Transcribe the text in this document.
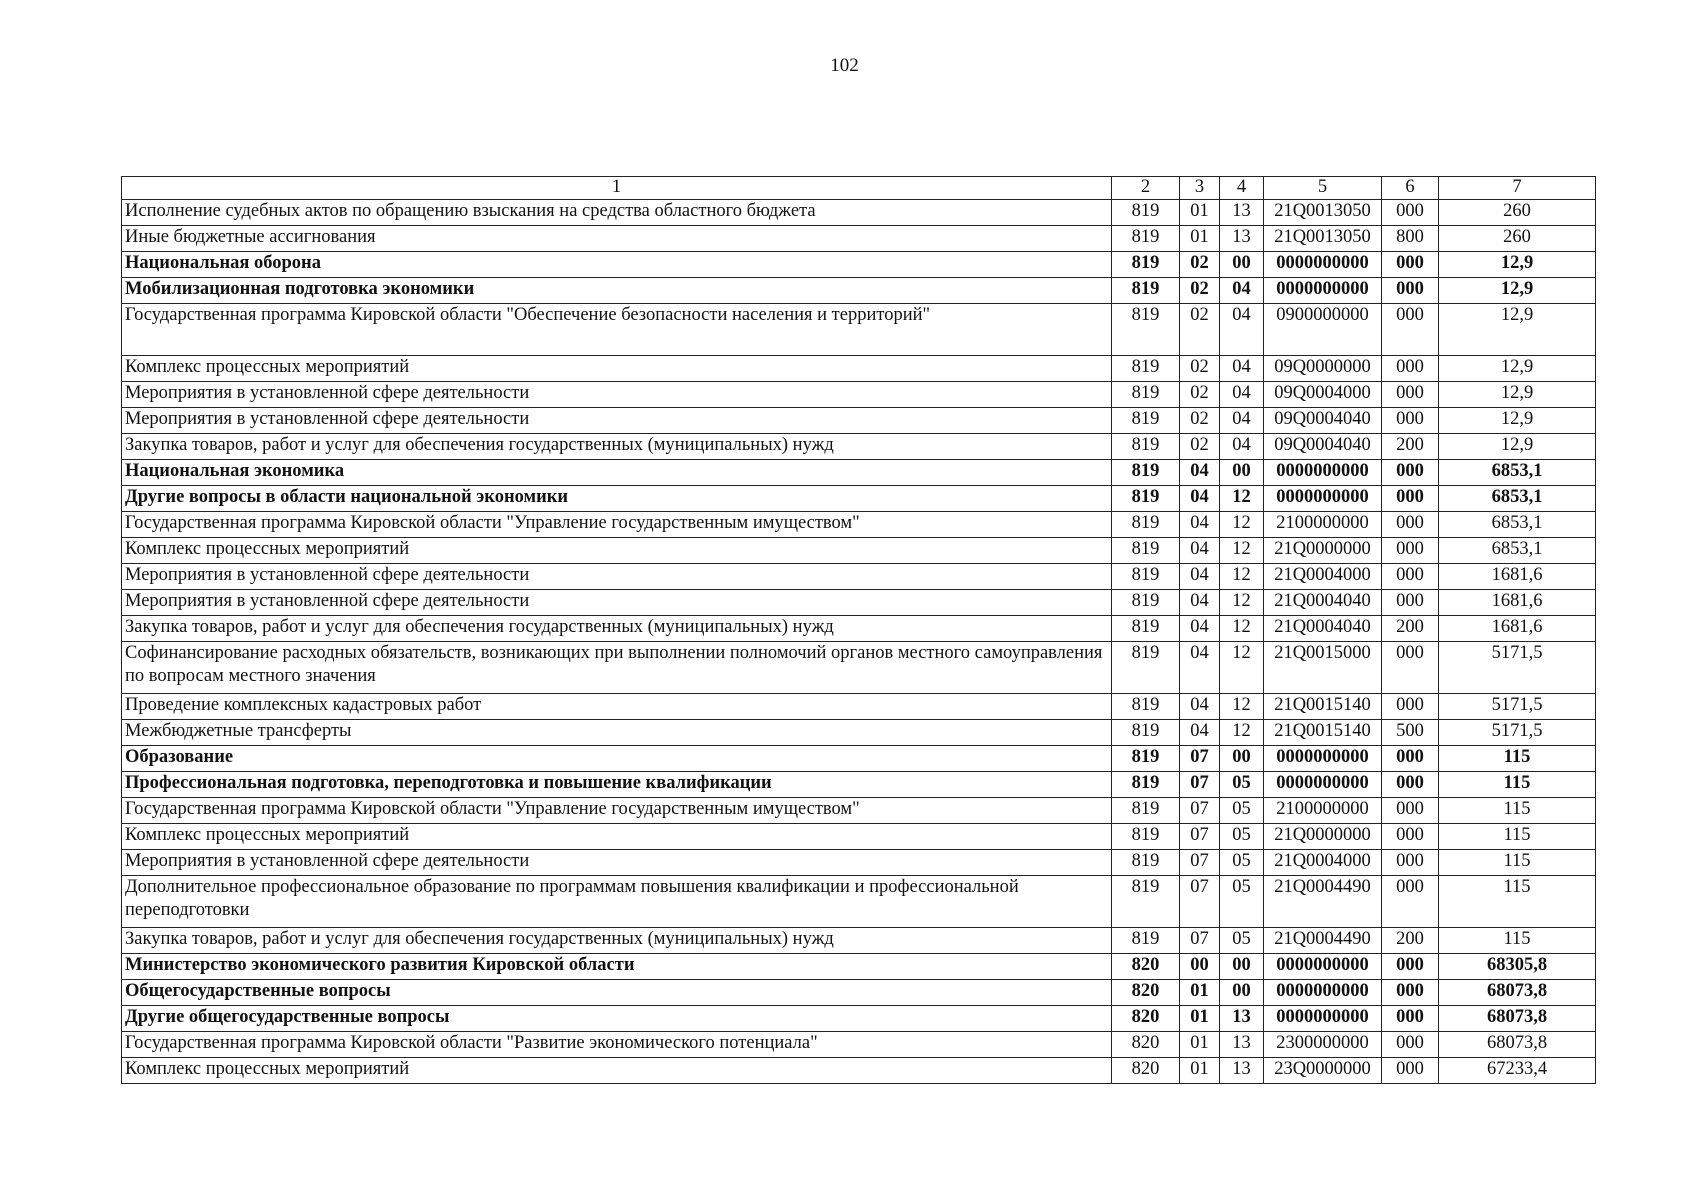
102
1	2	3	4	5	6	7
Исполнение судебных актов по обращению взыскания на средства областного бюджета	819	01	13	21Q0013050	000	260
Иные бюджетные ассигнования	819	01	13	21Q0013050	800	260
Национальная оборона	819	02	00	0000000000	000	12,9
Мобилизационная подготовка экономики	819	02	04	0000000000	000	12,9
Государственная программа Кировской области "Обеспечение безопасности населения и территорий"	819	02	04	0900000000	000	12,9
Комплекс процессных мероприятий	819	02	04	09Q0000000	000	12,9
Мероприятия в установленной сфере деятельности	819	02	04	09Q0004000	000	12,9
Мероприятия в установленной сфере деятельности	819	02	04	09Q0004040	000	12,9
Закупка товаров, работ и услуг для обеспечения государственных (муниципальных) нужд	819	02	04	09Q0004040	200	12,9
Национальная экономика	819	04	00	0000000000	000	6853,1
Другие вопросы в области национальной экономики	819	04	12	0000000000	000	6853,1
Государственная программа Кировской области "Управление государственным имуществом"	819	04	12	2100000000	000	6853,1
Комплекс процессных мероприятий	819	04	12	21Q0000000	000	6853,1
Мероприятия в установленной сфере деятельности	819	04	12	21Q0004000	000	1681,6
Мероприятия в установленной сфере деятельности	819	04	12	21Q0004040	000	1681,6
Закупка товаров, работ и услуг для обеспечения государственных (муниципальных) нужд	819	04	12	21Q0004040	200	1681,6
Софинансирование расходных обязательств, возникающих при выполнении полномочий органов местного самоуправления по вопросам местного значения	819	04	12	21Q0015000	000	5171,5
Проведение комплексных кадастровых работ	819	04	12	21Q0015140	000	5171,5
Межбюджетные трансферты	819	04	12	21Q0015140	500	5171,5
Образование	819	07	00	0000000000	000	115
Профессиональная подготовка, переподготовка и повышение квалификации	819	07	05	0000000000	000	115
Государственная программа Кировской области "Управление государственным имуществом"	819	07	05	2100000000	000	115
Комплекс процессных мероприятий	819	07	05	21Q0000000	000	115
Мероприятия в установленной сфере деятельности	819	07	05	21Q0004000	000	115
Дополнительное профессиональное образование по программам повышения квалификации и профессиональной переподготовки	819	07	05	21Q0004490	000	115
Закупка товаров, работ и услуг для обеспечения государственных (муниципальных) нужд	819	07	05	21Q0004490	200	115
Министерство экономического развития Кировской области	820	00	00	0000000000	000	68305,8
Общегосударственные вопросы	820	01	00	0000000000	000	68073,8
Другие общегосударственные вопросы	820	01	13	0000000000	000	68073,8
Государственная программа Кировской области "Развитие экономического потенциала"	820	01	13	2300000000	000	68073,8
Комплекс процессных мероприятий	820	01	13	23Q0000000	000	67233,4
